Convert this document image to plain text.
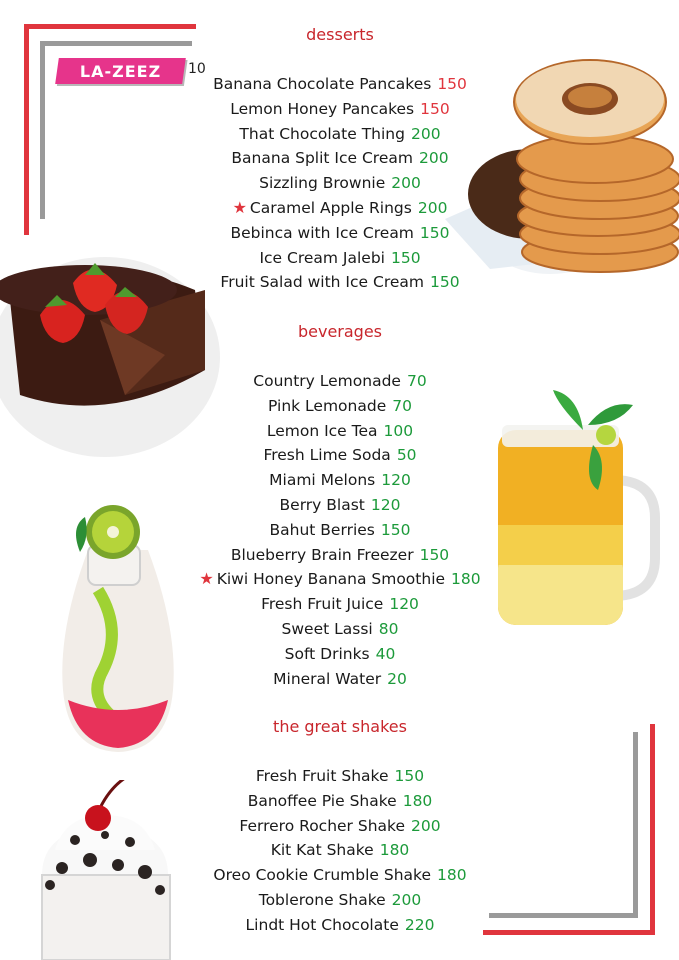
LA-ZEEZ 10
desserts
beverages
the great shakes
Banana Chocolate Pancakes 150
Lemon Honey Pancakes 150
That Chocolate Thing 200
Banana Split Ice Cream 200
Sizzling Brownie 200
★ Caramel Apple Rings 200
Bebinca with Ice Cream 150
Ice Cream Jalebi 150
Fruit Salad with Ice Cream 150
Country Lemonade 70
Pink Lemonade 70
Lemon Ice Tea 100
Fresh Lime Soda 50
Miami Melons 120
Berry Blast 120
Bahut Berries 150
Blueberry Brain Freezer 150
★ Kiwi Honey Banana Smoothie 180
Fresh Fruit Juice 120
Sweet Lassi 80
Soft Drinks 40
Mineral Water 20
Fresh Fruit Shake 150
Banoffee Pie Shake 180
Ferrero Rocher Shake 200
Kit Kat Shake 180
Oreo Cookie Crumble Shake 180
Toblerone Shake 200
Lindt Hot Chocolate 220
